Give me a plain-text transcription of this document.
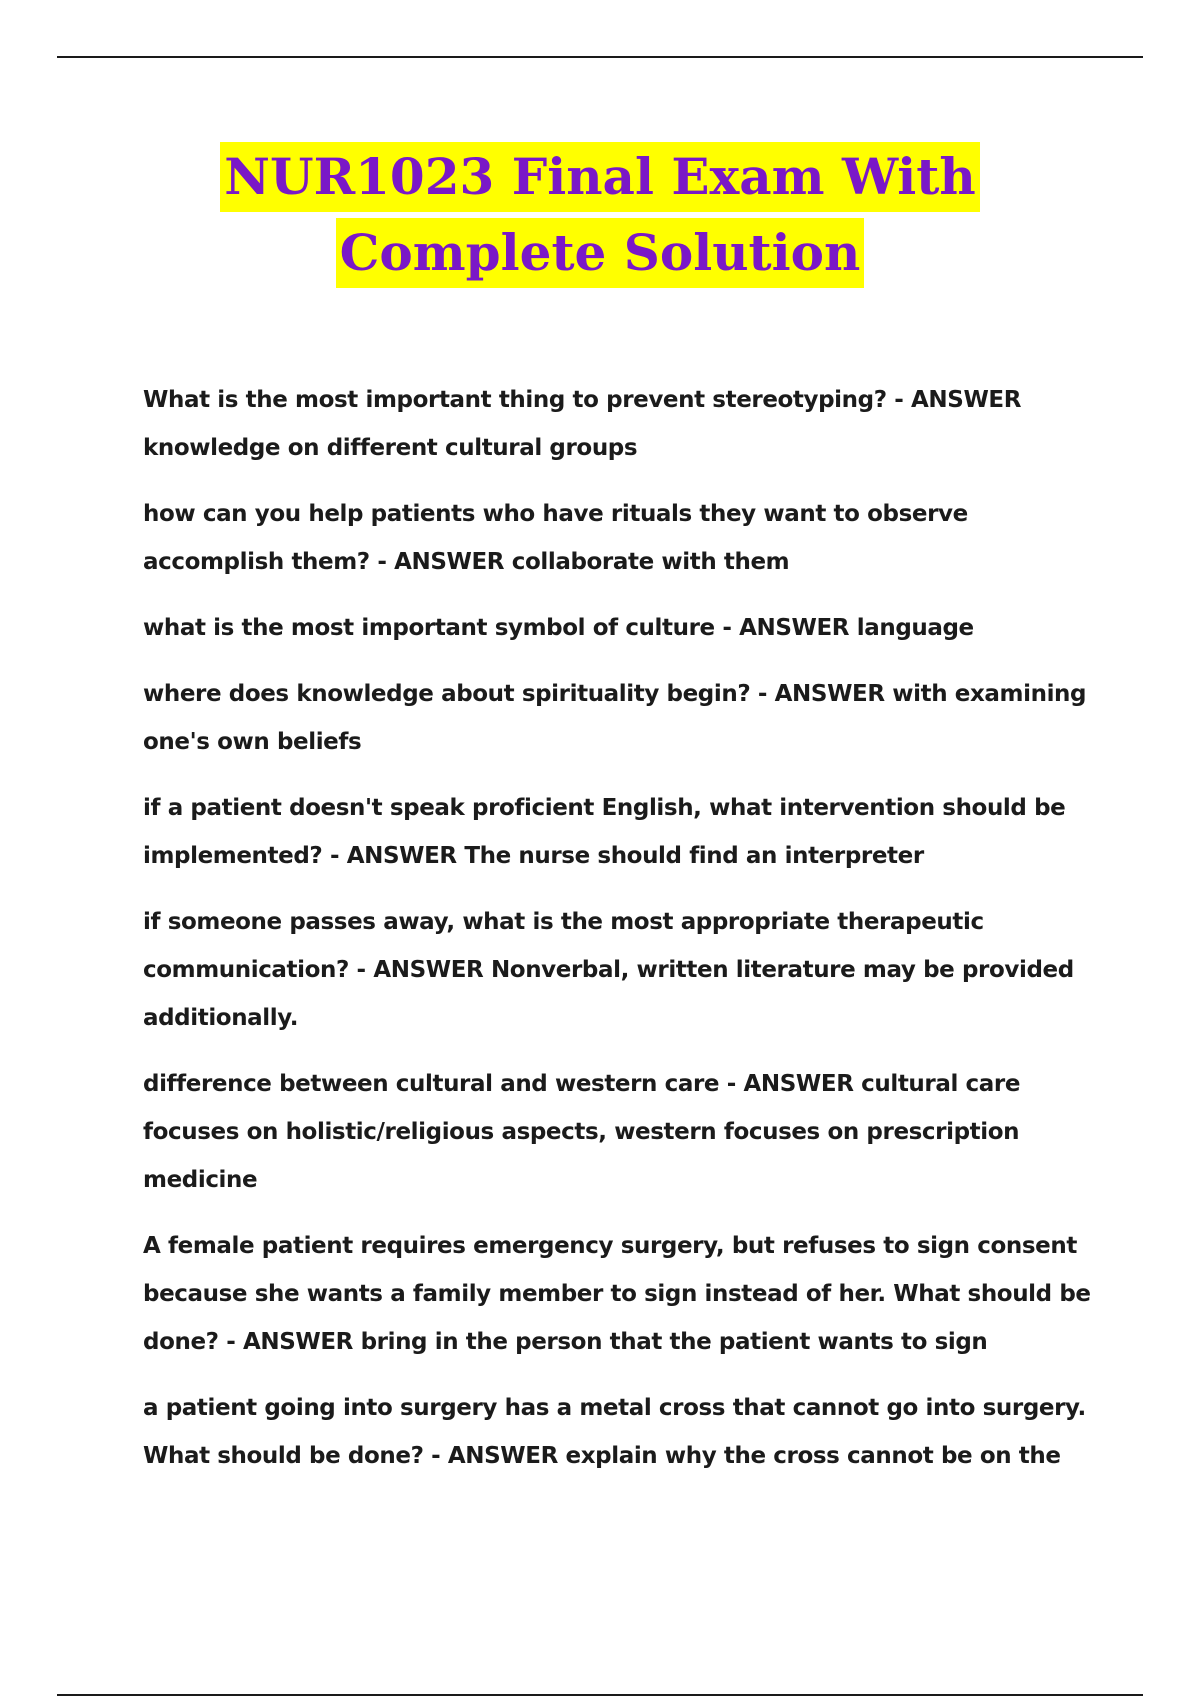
NUR1023 Final Exam With
Complete Solution

What is the most important thing to prevent stereotyping? - ANSWER knowledge on different cultural groups

how can you help patients who have rituals they want to observe accomplish them? - ANSWER collaborate with them

what is the most important symbol of culture - ANSWER language

where does knowledge about spirituality begin? - ANSWER with examining one's own beliefs

if a patient doesn't speak proficient English, what intervention should be implemented? - ANSWER The nurse should find an interpreter

if someone passes away, what is the most appropriate therapeutic communication? - ANSWER Nonverbal, written literature may be provided additionally.

difference between cultural and western care - ANSWER cultural care focuses on holistic/religious aspects, western focuses on prescription medicine

A female patient requires emergency surgery, but refuses to sign consent because she wants a family member to sign instead of her. What should be done? - ANSWER bring in the person that the patient wants to sign

a patient going into surgery has a metal cross that cannot go into surgery. What should be done? - ANSWER explain why the cross cannot be on the
